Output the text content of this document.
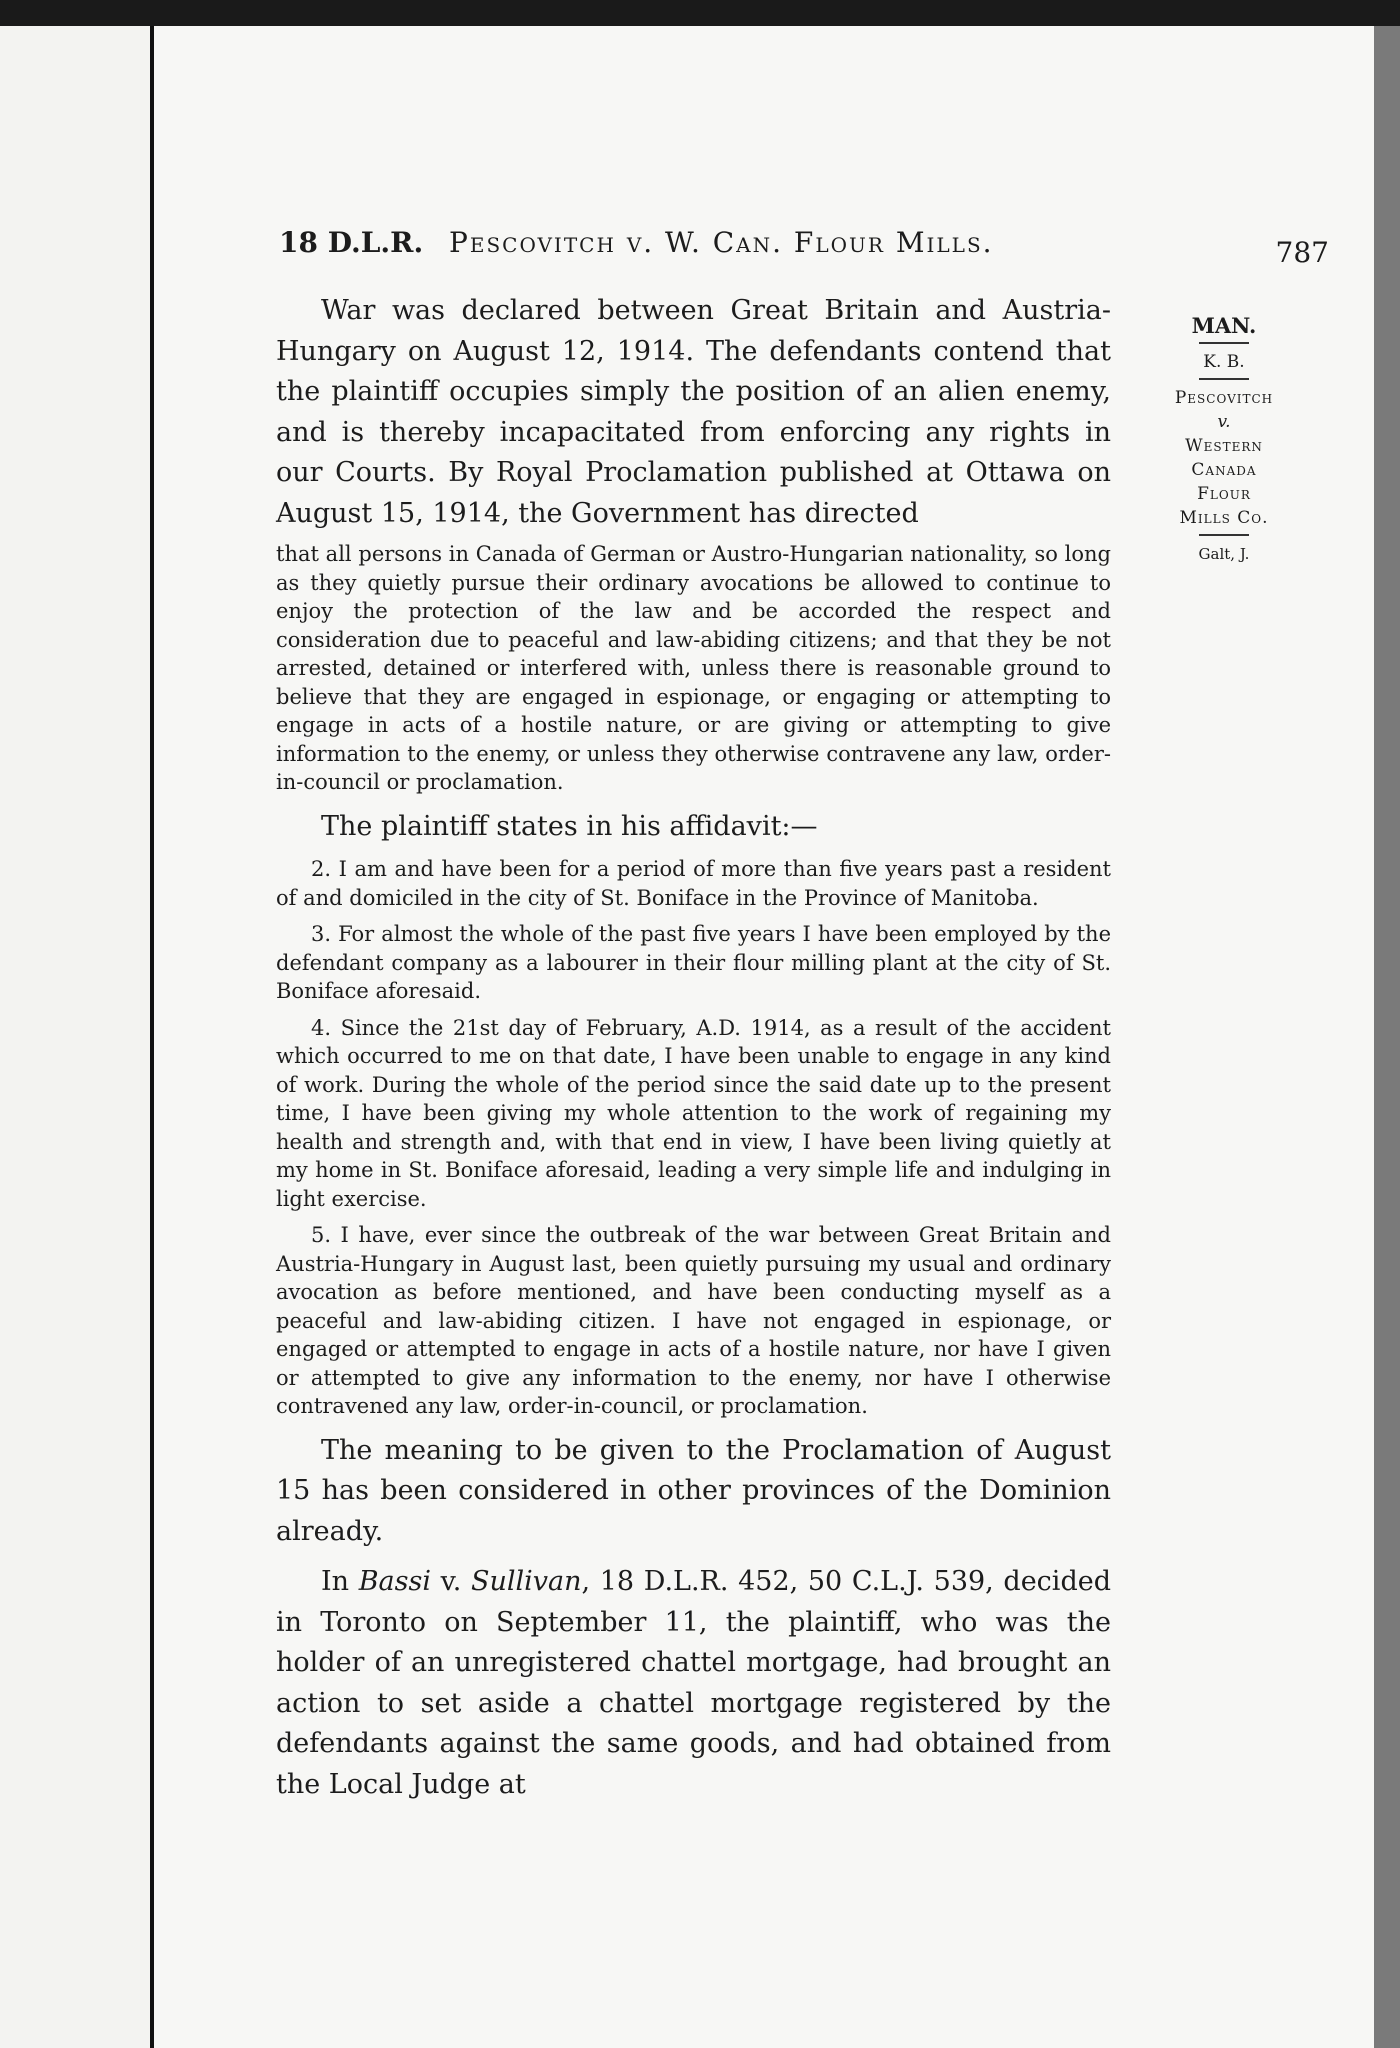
18 D.L.R. Pescovitch v. W. Can. Flour Mills.	787
MAN.
K. B.
Pescovitch
v.
Western
Canada
Flour
Mills Co.
Galt, J.

War was declared between Great Britain and Austria-Hungary on August 12, 1914. The defendants contend that the plaintiff occupies simply the position of an alien enemy, and is thereby incapacitated from enforcing any rights in our Courts. By Royal Proclamation published at Ottawa on August 15, 1914, the Government has directed

that all persons in Canada of German or Austro-Hungarian nationality, so long as they quietly pursue their ordinary avocations be allowed to continue to enjoy the protection of the law and be accorded the respect and consideration due to peaceful and law-abiding citizens; and that they be not arrested, detained or interfered with, unless there is reasonable ground to believe that they are engaged in espionage, or engaging or attempting to engage in acts of a hostile nature, or are giving or attempting to give information to the enemy, or unless they otherwise contravene any law, order-in-council or proclamation.

The plaintiff states in his affidavit:—

2. I am and have been for a period of more than five years past a resident of and domiciled in the city of St. Boniface in the Province of Manitoba.

3. For almost the whole of the past five years I have been employed by the defendant company as a labourer in their flour milling plant at the city of St. Boniface aforesaid.

4. Since the 21st day of February, A.D. 1914, as a result of the accident which occurred to me on that date, I have been unable to engage in any kind of work. During the whole of the period since the said date up to the present time, I have been giving my whole attention to the work of regaining my health and strength and, with that end in view, I have been living quietly at my home in St. Boniface aforesaid, leading a very simple life and indulging in light exercise.

5. I have, ever since the outbreak of the war between Great Britain and Austria-Hungary in August last, been quietly pursuing my usual and ordinary avocation as before mentioned, and have been conducting myself as a peaceful and law-abiding citizen. I have not engaged in espionage, or engaged or attempted to engage in acts of a hostile nature, nor have I given or attempted to give any information to the enemy, nor have I otherwise contravened any law, order-in-council, or proclamation.

The meaning to be given to the Proclamation of August 15 has been considered in other provinces of the Dominion already.

In Bassi v. Sullivan, 18 D.L.R. 452, 50 C.L.J. 539, decided in Toronto on September 11, the plaintiff, who was the holder of an unregistered chattel mortgage, had brought an action to set aside a chattel mortgage registered by the defendants against the same goods, and had obtained from the Local Judge at
